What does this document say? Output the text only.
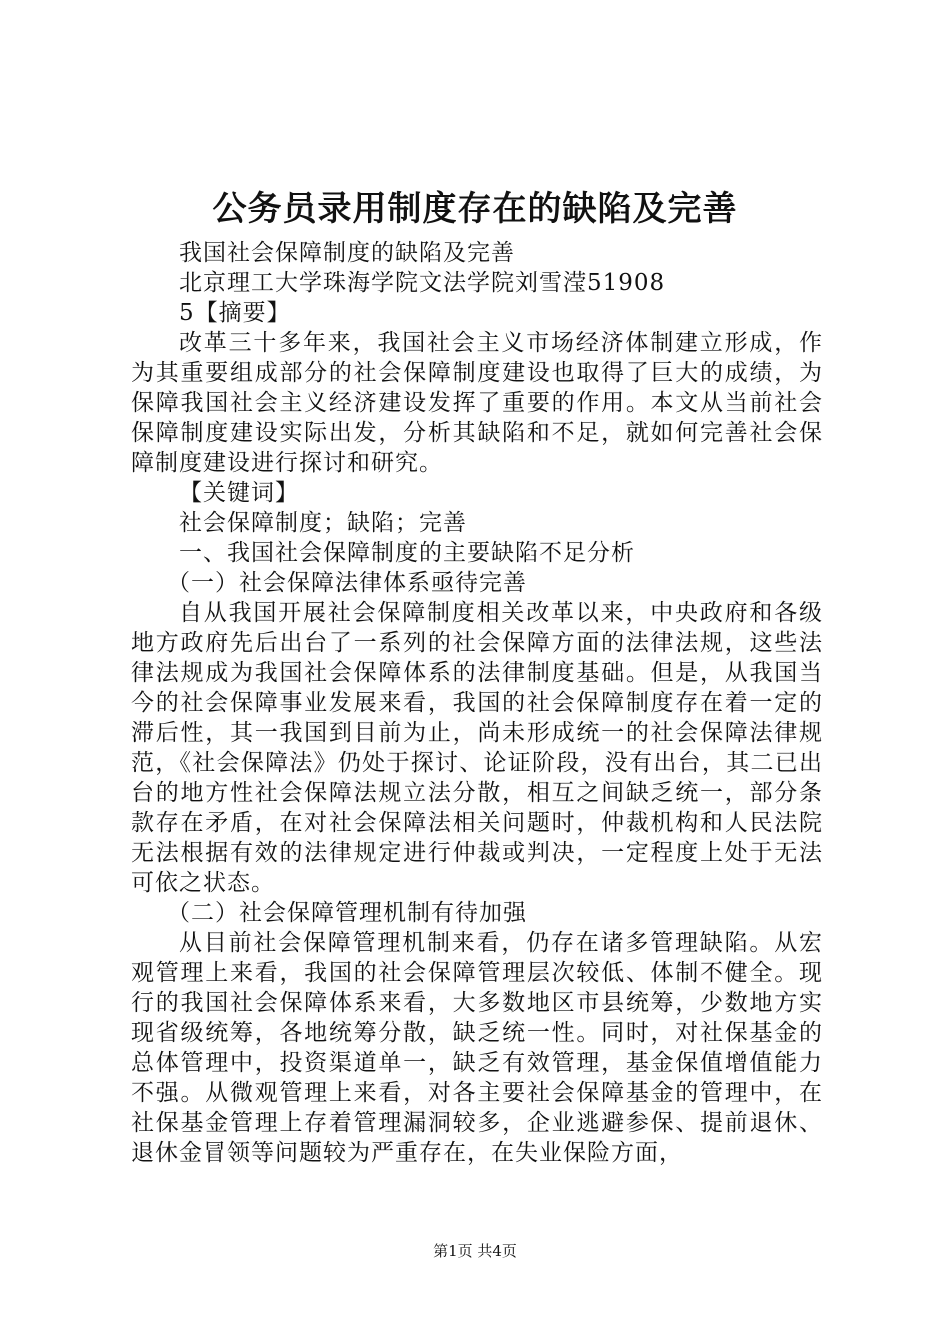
公务员录用制度存在的缺陷及完善

我国社会保障制度的缺陷及完善

北京理工大学珠海学院文法学院刘雪滢51908

5【摘要】

改革三十多年来，我国社会主义市场经济体制建立形成，作为其重要组成部分的社会保障制度建设也取得了巨大的成绩，为保障我国社会主义经济建设发挥了重要的作用。本文从当前社会保障制度建设实际出发，分析其缺陷和不足，就如何完善社会保障制度建设进行探讨和研究。

【关键词】

社会保障制度；缺陷；完善

一、我国社会保障制度的主要缺陷不足分析

（一）社会保障法律体系亟待完善

自从我国开展社会保障制度相关改革以来，中央政府和各级地方政府先后出台了一系列的社会保障方面的法律法规，这些法律法规成为我国社会保障体系的法律制度基础。但是，从我国当今的社会保障事业发展来看，我国的社会保障制度存在着一定的滞后性，其一我国到目前为止，尚未形成统一的社会保障法律规范，《社会保障法》仍处于探讨、论证阶段，没有出台，其二已出台的地方性社会保障法规立法分散，相互之间缺乏统一，部分条款存在矛盾，在对社会保障法相关问题时，仲裁机构和人民法院无法根据有效的法律规定进行仲裁或判决，一定程度上处于无法可依之状态。

（二）社会保障管理机制有待加强

从目前社会保障管理机制来看，仍存在诸多管理缺陷。从宏观管理上来看，我国的社会保障管理层次较低、体制不健全。现行的我国社会保障体系来看，大多数地区市县统筹，少数地方实现省级统筹，各地统筹分散，缺乏统一性。同时，对社保基金的总体管理中，投资渠道单一，缺乏有效管理，基金保值增值能力不强。从微观管理上来看，对各主要社会保障基金的管理中，在社保基金管理上存着管理漏洞较多，企业逃避参保、提前退休、退休金冒领等问题较为严重存在，在失业保险方面，

第1页 共4页
